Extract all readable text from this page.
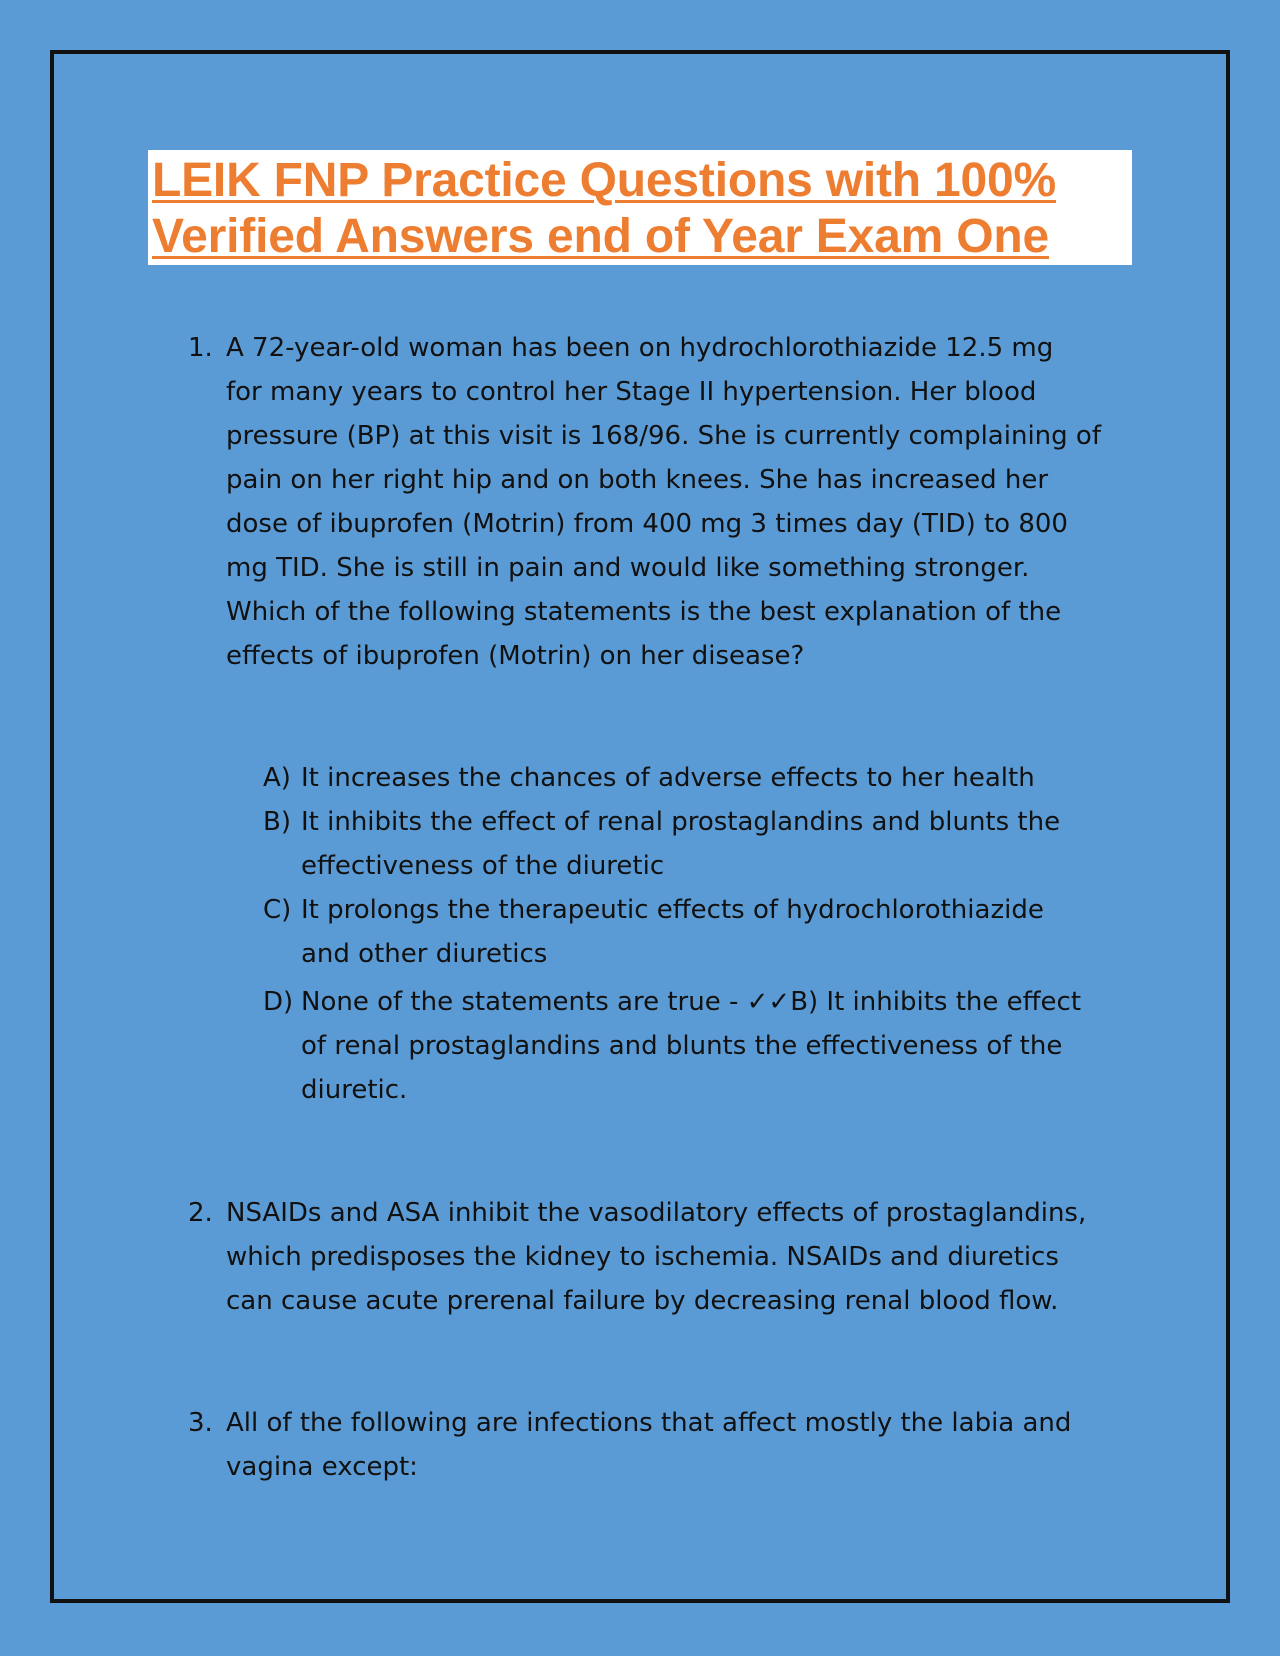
LEIK FNP Practice Questions with 100%
Verified Answers end of Year Exam One
1. A 72-year-old woman has been on hydrochlorothiazide 12.5 mg
for many years to control her Stage II hypertension. Her blood
pressure (BP) at this visit is 168/96. She is currently complaining of
pain on her right hip and on both knees. She has increased her
dose of ibuprofen (Motrin) from 400 mg 3 times day (TID) to 800
mg TID. She is still in pain and would like something stronger.
Which of the following statements is the best explanation of the
effects of ibuprofen (Motrin) on her disease?
A) It increases the chances of adverse effects to her health
B) It inhibits the effect of renal prostaglandins and blunts the
effectiveness of the diuretic
C) It prolongs the therapeutic effects of hydrochlorothiazide
and other diuretics
D) None of the statements are true - ✓✓B) It inhibits the effect
of renal prostaglandins and blunts the effectiveness of the
diuretic.
2. NSAIDs and ASA inhibit the vasodilatory effects of prostaglandins,
which predisposes the kidney to ischemia. NSAIDs and diuretics
can cause acute prerenal failure by decreasing renal blood flow.
3. All of the following are infections that affect mostly the labia and
vagina except:
